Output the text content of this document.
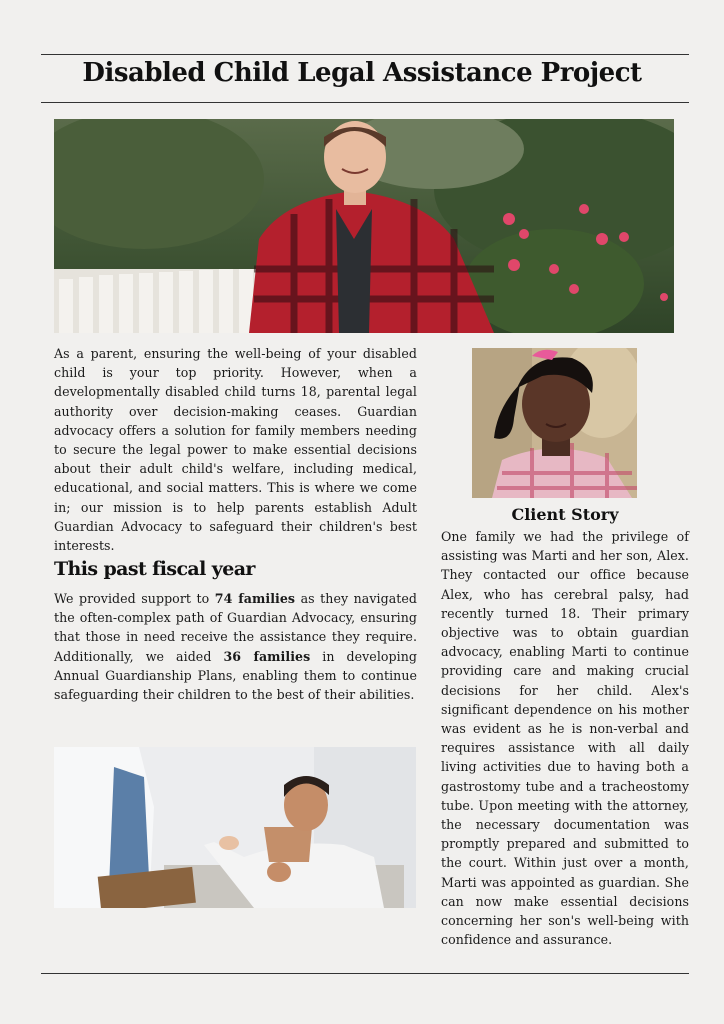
Disabled Child Legal Assistance Project

As a parent, ensuring the well-being of your disabled child is your top priority. However, when a developmentally disabled child turns 18, parental legal authority over decision-making ceases. Guardian advocacy offers a solution for family members needing to secure the legal power to make essential decisions about their adult child's welfare, including medical, educational, and social matters. This is where we come in; our mission is to help parents establish Adult Guardian Advocacy to safeguard their children's best interests.

This past fiscal year

We provided support to 74 families as they navigated the often-complex path of Guardian Advocacy, ensuring that those in need receive the assistance they require. Additionally, we aided 36 families in developing Annual Guardianship Plans, enabling them to continue safeguarding their children to the best of their abilities.

Client Story

One family we had the privilege of assisting was Marti and her son, Alex. They contacted our office because Alex, who has cerebral palsy, had recently turned 18. Their primary objective was to obtain guardian advocacy, enabling Marti to continue providing care and making crucial decisions for her child. Alex's significant dependence on his mother was evident as he is non-verbal and requires assistance with all daily living activities due to having both a gastrostomy tube and a tracheostomy tube. Upon meeting with the attorney, the necessary documentation was promptly prepared and submitted to the court. Within just over a month, Marti was appointed as guardian. She can now make essential decisions concerning her son's well-being with confidence and assurance.
